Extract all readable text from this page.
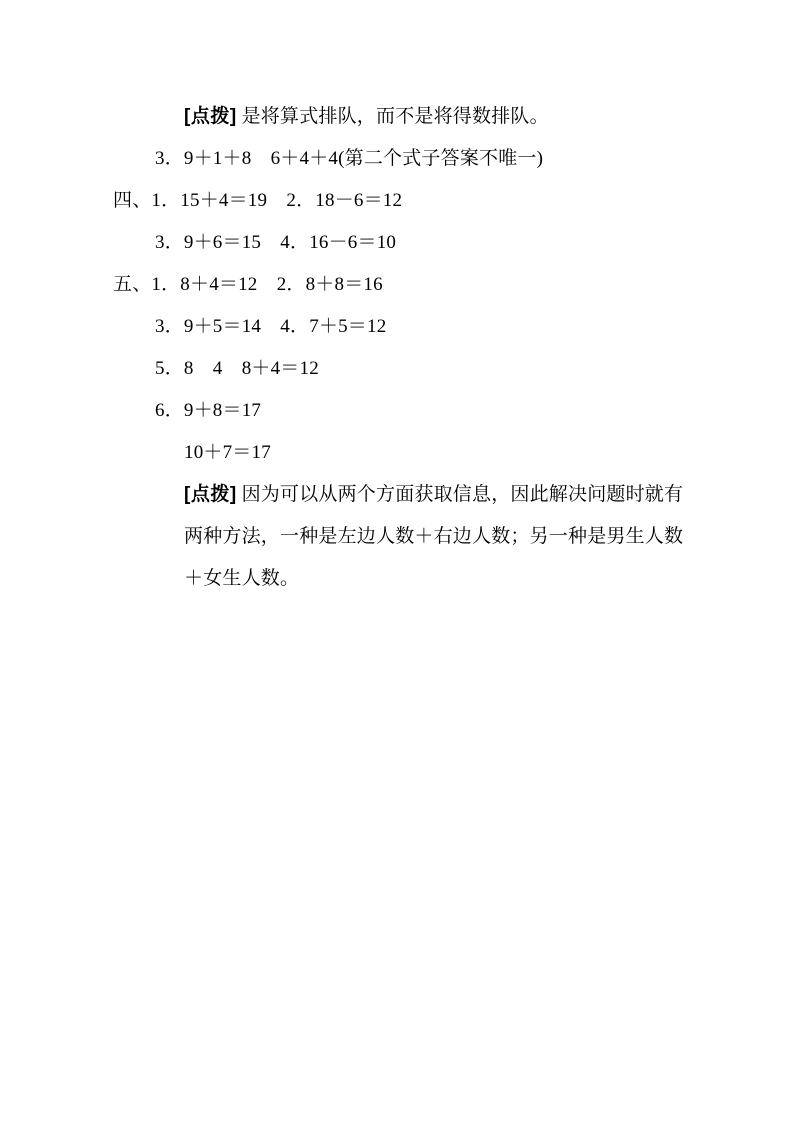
[点拨] 是将算式排队，而不是将得数排队。
3．9＋1＋8　6＋4＋4(第二个式子答案不唯一)
四、1．15＋4＝19　2．18－6＝12
3．9＋6＝15　4．16－6＝10
五、1．8＋4＝12　2．8＋8＝16
3．9＋5＝14　4．7＋5＝12
5．8　4　8＋4＝12
6．9＋8＝17
10＋7＝17
[点拨] 因为可以从两个方面获取信息，因此解决问题时就有
两种方法，一种是左边人数＋右边人数；另一种是男生人数
＋女生人数。
